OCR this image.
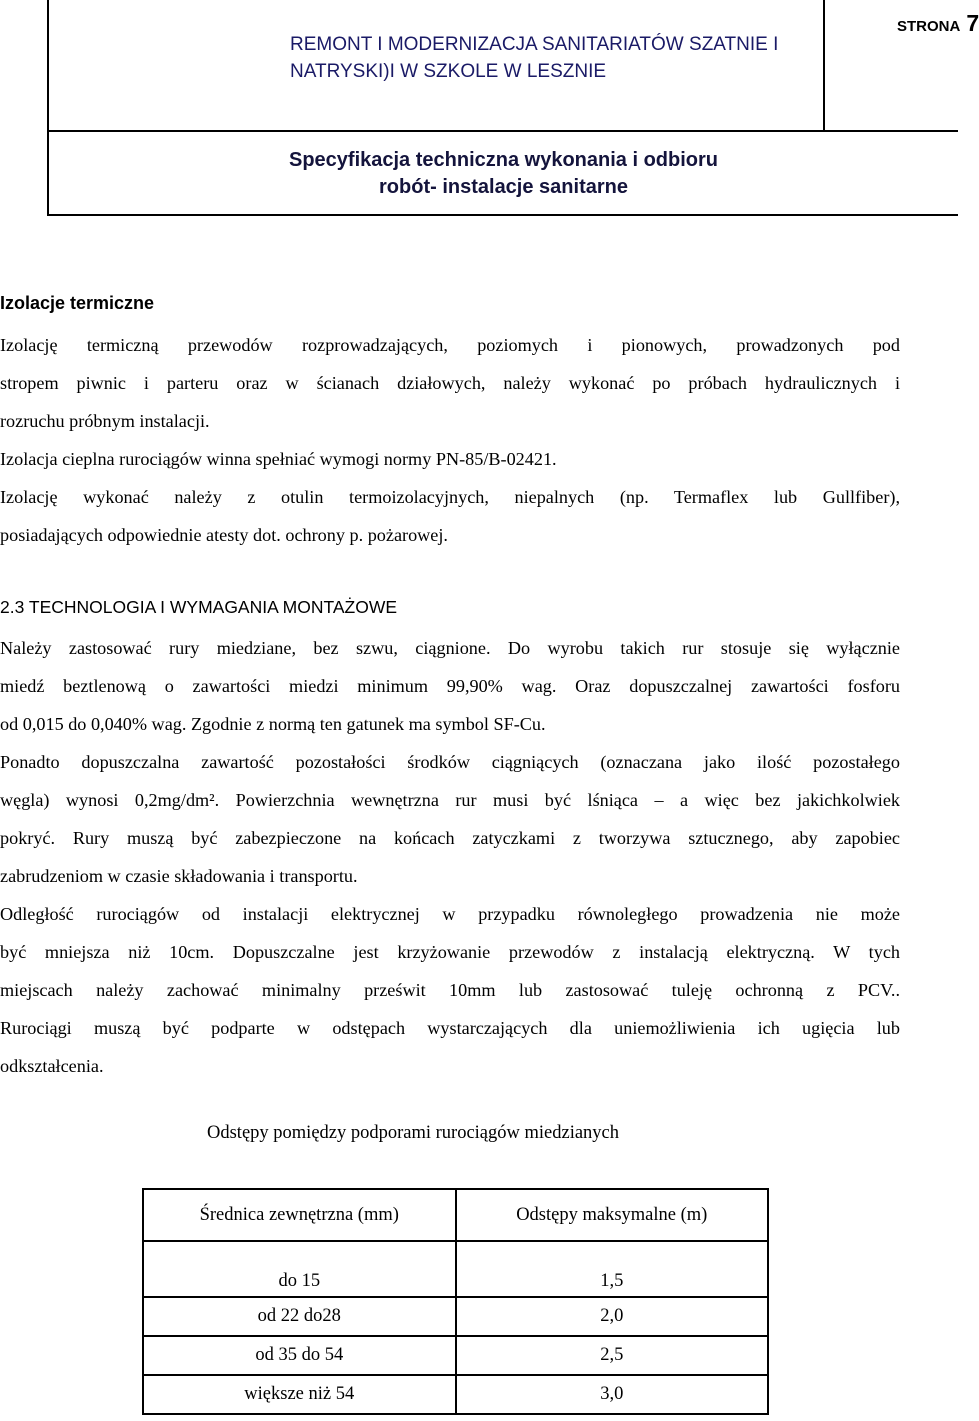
REMONT I MODERNIZACJA SANITARIATÓW SZATNIE I
NATRYSKI)I W SZKOLE W LESZNIE
STRONA 7
Specyfikacja techniczna wykonania i odbioru
robót- instalacje sanitarne
Izolacje termiczne

Izolację termiczną przewodów rozprowadzających, poziomych i pionowych, prowadzonych pod

stropem piwnic i parteru oraz w ścianach działowych, należy wykonać po próbach hydraulicznych i

rozruchu próbnym instalacji.

Izolacja cieplna rurociągów winna spełniać wymogi normy PN-85/B-02421.

Izolację wykonać należy z otulin termoizolacyjnych, niepalnych (np. Termaflex lub Gullfiber),

posiadających odpowiednie atesty dot. ochrony p. pożarowej.

2.3 TECHNOLOGIA I WYMAGANIA MONTAŻOWE

Należy zastosować rury miedziane, bez szwu, ciągnione. Do wyrobu takich rur stosuje się wyłącznie

miedź beztlenową o zawartości miedzi minimum 99,90% wag. Oraz dopuszczalnej zawartości fosforu

od 0,015 do 0,040% wag. Zgodnie z normą ten gatunek ma symbol SF-Cu.

Ponadto dopuszczalna zawartość pozostałości środków ciągniących (oznaczana jako ilość pozostałego

węgla) wynosi 0,2mg/dm². Powierzchnia wewnętrzna rur musi być lśniąca – a więc bez jakichkolwiek

pokryć. Rury muszą być zabezpieczone na końcach zatyczkami z tworzywa sztucznego, aby zapobiec

zabrudzeniom w czasie składowania i transportu.

Odległość rurociągów od instalacji elektrycznej w przypadku równoległego prowadzenia nie może

być mniejsza niż 10cm. Dopuszczalne jest krzyżowanie przewodów z instalacją elektryczną. W tych

miejscach należy zachować minimalny prześwit 10mm lub zastosować tuleję ochronną z PCV..

Rurociągi muszą być podparte w odstępach wystarczających dla uniemożliwienia ich ugięcia lub

odkształcenia.

Odstępy pomiędzy podporami rurociągów miedzianych
Średnica zewnętrzna (mm)	Odstępy maksymalne (m)
do 15	1,5
od 22 do28	2,0
od 35 do 54	2,5
większe niż 54	3,0
